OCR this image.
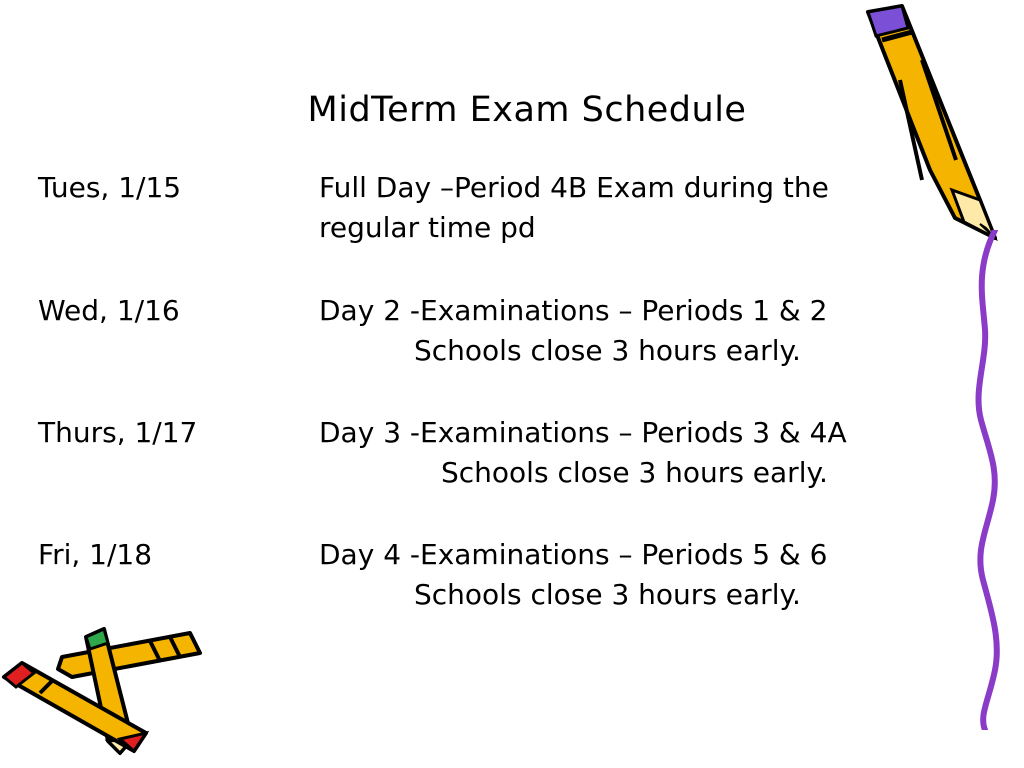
MidTerm Exam Schedule
Tues, 1/15	Full Day –Period 4B Exam during the
regular time pd
Wed, 1/16	Day 2 -Examinations – Periods 1 & 2
Schools close 3 hours early.
Thurs, 1/17	Day 3 -Examinations – Periods 3 & 4A
Schools close 3 hours early.
Fri, 1/18	Day 4 -Examinations – Periods 5 & 6
Schools close 3 hours early.
